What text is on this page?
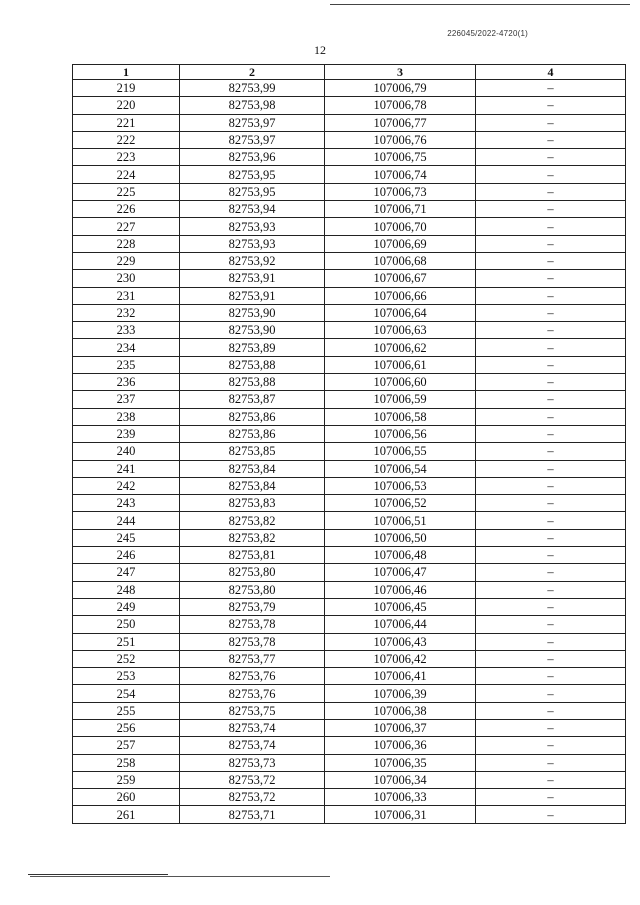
226045/2022-4720(1)
12
1	2	3	4
219	82753,99	107006,79	–
220	82753,98	107006,78	–
221	82753,97	107006,77	–
222	82753,97	107006,76	–
223	82753,96	107006,75	–
224	82753,95	107006,74	–
225	82753,95	107006,73	–
226	82753,94	107006,71	–
227	82753,93	107006,70	–
228	82753,93	107006,69	–
229	82753,92	107006,68	–
230	82753,91	107006,67	–
231	82753,91	107006,66	–
232	82753,90	107006,64	–
233	82753,90	107006,63	–
234	82753,89	107006,62	–
235	82753,88	107006,61	–
236	82753,88	107006,60	–
237	82753,87	107006,59	–
238	82753,86	107006,58	–
239	82753,86	107006,56	–
240	82753,85	107006,55	–
241	82753,84	107006,54	–
242	82753,84	107006,53	–
243	82753,83	107006,52	–
244	82753,82	107006,51	–
245	82753,82	107006,50	–
246	82753,81	107006,48	–
247	82753,80	107006,47	–
248	82753,80	107006,46	–
249	82753,79	107006,45	–
250	82753,78	107006,44	–
251	82753,78	107006,43	–
252	82753,77	107006,42	–
253	82753,76	107006,41	–
254	82753,76	107006,39	–
255	82753,75	107006,38	–
256	82753,74	107006,37	–
257	82753,74	107006,36	–
258	82753,73	107006,35	–
259	82753,72	107006,34	–
260	82753,72	107006,33	–
261	82753,71	107006,31	–
